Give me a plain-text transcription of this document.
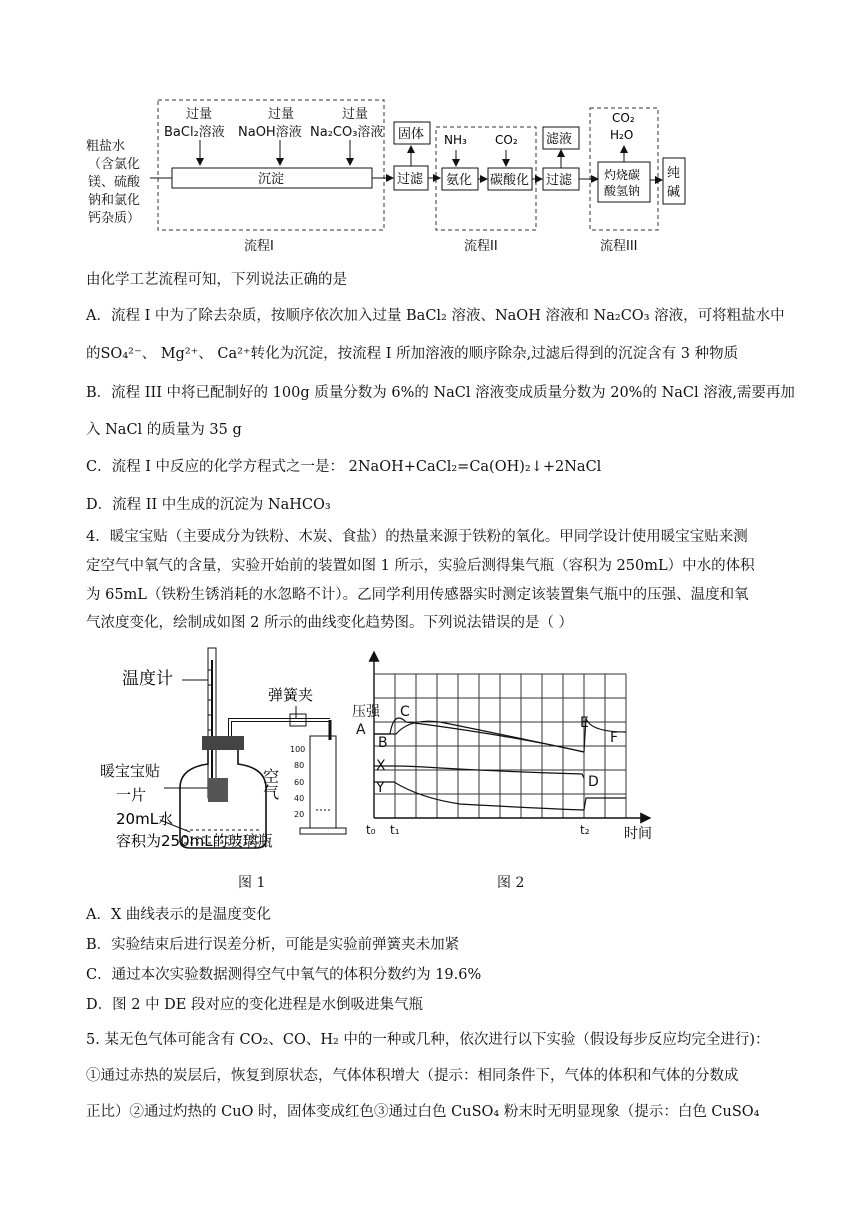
粗盐水
（含氯化
镁、硫酸
钠和氯化
钙杂质）
过量	过量	过量
BaCl₂溶液 NaOH溶液 Na₂CO₃溶液
沉淀	过滤
固体 NH₃ CO₂
氨化 碳酸化 过滤
滤液
CO₂
H₂O
灼烧碳
酸氢钠
纯
碱
流程I	流程II	流程III
由化学工艺流程可知，下列说法正确的是
A．流程 I 中为了除去杂质，按顺序依次加入过量 BaCl₂ 溶液、NaOH 溶液和 Na₂CO₃ 溶液，可将粗盐水中
的SO₄²⁻、 Mg²⁺、 Ca²⁺转化为沉淀，按流程 I 所加溶液的顺序除杂,过滤后得到的沉淀含有 3 种物质
B．流程 III 中将已配制好的 100g 质量分数为 6%的 NaCl 溶液变成质量分数为 20%的 NaCl 溶液,需要再加
入 NaCl 的质量为 35 g
C．流程 I 中反应的化学方程式之一是： 2NaOH+CaCl₂=Ca(OH)₂↓+2NaCl
D．流程 II 中生成的沉淀为 NaHCO₃
4．暖宝宝贴（主要成分为铁粉、木炭、食盐）的热量来源于铁粉的氧化。甲同学设计使用暖宝宝贴来测
定空气中氧气的含量，实验开始前的装置如图 1 所示，实验后测得集气瓶（容积为 250mL）中水的体积
为 65mL（铁粉生锈消耗的水忽略不计）。乙同学利用传感器实时测定该装置集气瓶中的压强、温度和氧
气浓度变化，绘制成如图 2 所示的曲线变化趋势图。下列说法错误的是（ ）
温度计
弹簧夹
暖宝宝贴
一片
20mL水
容积为250mL的玻璃瓶
空气
100
80
60
40
20
图 1
压强
A
B
C
X
Y
E
F
D
t₀ t₁	t₂ 时间
图 2
A．X 曲线表示的是温度变化
B．实验结束后进行误差分析，可能是实验前弹簧夹未加紧
C．通过本次实验数据测得空气中氧气的体积分数约为 19.6%
D．图 2 中 DE 段对应的变化进程是水倒吸进集气瓶
5. 某无色气体可能含有 CO₂、CO、H₂ 中的一种或几种，依次进行以下实验（假设每步反应均完全进行)：
①通过赤热的炭层后，恢复到原状态，气体体积增大（提示：相同条件下，气体的体积和气体的分数成
正比）②通过灼热的 CuO 时，固体变成红色③通过白色 CuSO₄ 粉末时无明显现象（提示：白色 CuSO₄
